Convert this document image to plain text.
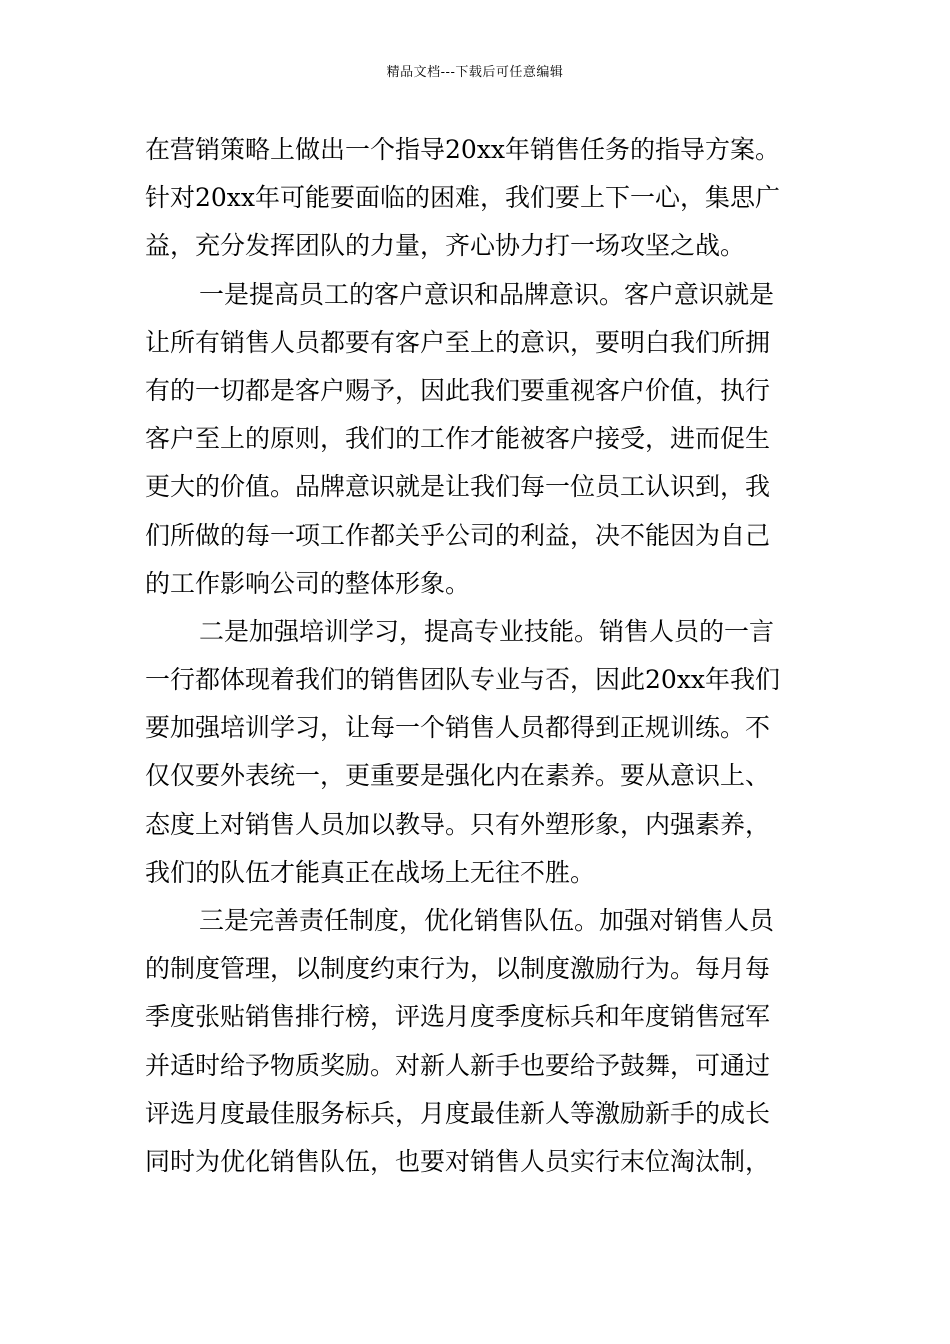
精品文档---下载后可任意编辑
在营销策略上做出一个指导20xx年销售任务的指导方案。
针对20xx年可能要面临的困难，我们要上下一心，集思广
益，充分发挥团队的力量，齐心协力打一场攻坚之战。
一是提高员工的客户意识和品牌意识。客户意识就是
让所有销售人员都要有客户至上的意识，要明白我们所拥
有的一切都是客户赐予，因此我们要重视客户价值，执行
客户至上的原则，我们的工作才能被客户接受，进而促生
更大的价值。品牌意识就是让我们每一位员工认识到，我
们所做的每一项工作都关乎公司的利益，决不能因为自己
的工作影响公司的整体形象。
二是加强培训学习，提高专业技能。销售人员的一言
一行都体现着我们的销售团队专业与否，因此20xx年我们
要加强培训学习，让每一个销售人员都得到正规训练。不
仅仅要外表统一，更重要是强化内在素养。要从意识上、
态度上对销售人员加以教导。只有外塑形象，内强素养，
我们的队伍才能真正在战场上无往不胜。
三是完善责任制度，优化销售队伍。加强对销售人员
的制度管理，以制度约束行为，以制度激励行为。每月每
季度张贴销售排行榜，评选月度季度标兵和年度销售冠军
并适时给予物质奖励。对新人新手也要给予鼓舞，可通过
评选月度最佳服务标兵，月度最佳新人等激励新手的成长
同时为优化销售队伍，也要对销售人员实行末位淘汰制，
